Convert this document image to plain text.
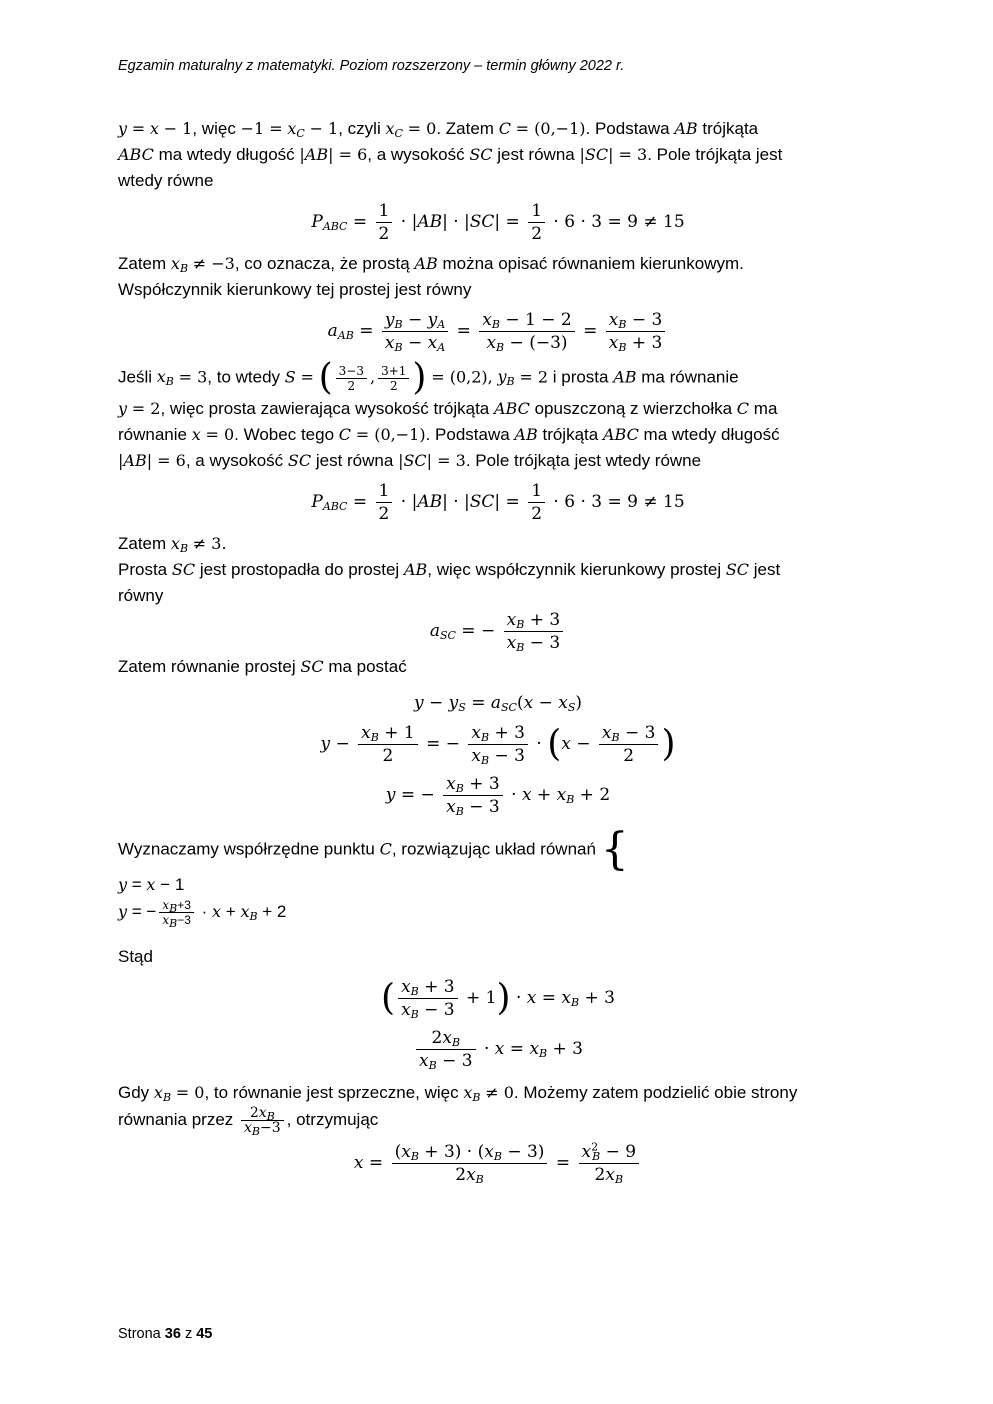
Egzamin maturalny z matematyki. Poziom rozszerzony – termin główny 2022 r.

y = x − 1, więc $-1 = x_C - 1$, czyli $x_C = 0$. Zatem C = (0,−1). Podstawa AB trójkąta
ABC ma wtedy długość |AB| = 6, a wysokość SC jest równa |SC| = 3. Pole trójkąta jest
wtedy równe

$P_{ABC} = \frac{1}{2} \cdot |AB| \cdot |SC| = \frac{1}{2} \cdot 6 \cdot 3 = 9 \ne 15$

Zatem $x_B \ne -3$, co oznacza, że prostą AB można opisać równaniem kierunkowym.
Współczynnik kierunkowy tej prostej jest równy

$a_{AB} = \frac{y_B - y_A}{x_B - x_A} = \frac{x_B - 1 - 2}{x_B - (-3)} = \frac{x_B - 3}{x_B + 3}$

Jeśli $x_B = 3$, to wtedy S = ( $\frac{3-3}{2}$ , $\frac{3+1}{2}$ ) = (0,2), $y_B = 2$ i prosta AB ma równanie
y = 2, więc prosta zawierająca wysokość trójkąta ABC opuszczoną z wierzchołka C ma
równanie x = 0. Wobec tego C = (0,−1). Podstawa AB trójkąta ABC ma wtedy długość
|AB| = 6, a wysokość SC jest równa |SC| = 3. Pole trójkąta jest wtedy równe

$P_{ABC} = \frac{1}{2} \cdot |AB| \cdot |SC| = \frac{1}{2} \cdot 6 \cdot 3 = 9 \ne 15$

Zatem $x_B \ne 3$.
Prosta SC jest prostopadła do prostej AB, więc współczynnik kierunkowy prostej SC jest
równy

$a_{SC}$ = − $\frac{x_B + 3}{x_B - 3}$

Zatem równanie prostej SC ma postać

$y - y_S = a_{SC}(x - x_S)$
$y - \frac{x_B + 1}{2}$ = − $\frac{x_B + 3}{x_B - 3} \cdot (x - \frac{x_B - 3}{2}$ )
y = − $\frac{x_B + 3}{x_B - 3} \cdot x + x_B + 2$

Wyznaczamy współrzędne punktu C, rozwiązując układ równań {

y = x − 1
y = − $\frac{x_B+3}{x_B-3} \cdot x + x_B + 2$

Stąd

( $\frac{x_B + 3}{x_B - 3} + 1) \cdot x = x_B + 3$
$\frac{2x_B}{x_B - 3} \cdot x = x_B + 3$

Gdy $x_B = 0$, to równanie jest sprzeczne, więc $x_B \ne 0$. Możemy zatem podzielić obie strony
równania przez $\frac{2x_B}{x_B-3}$ , otrzymując

$x = \frac{(x_B + 3) \cdot (x_B - 3)}{2x_B} = \frac{x^2_B - 9}{2x_B}$
Strona 36 z 45
